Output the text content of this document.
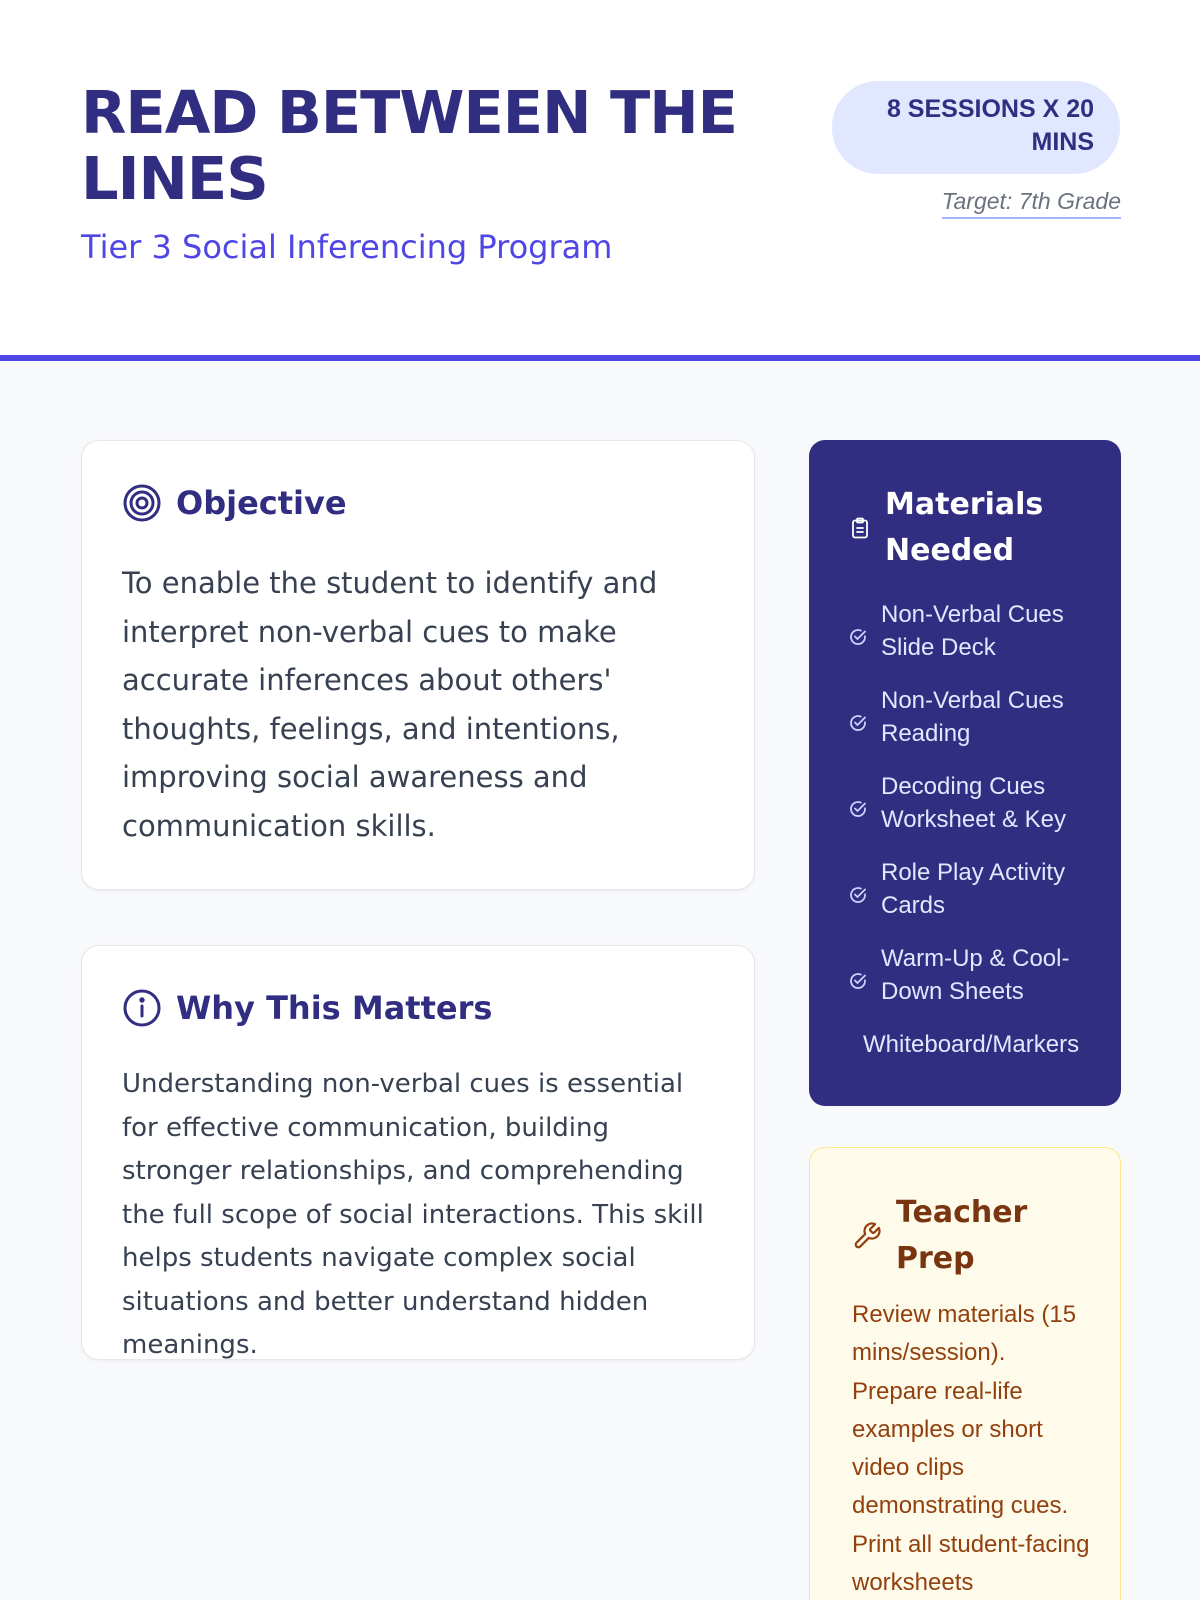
READ BETWEEN THE LINES
Tier 3 Social Inferencing Program
8 SESSIONS X 20 MINS
Target: 7th Grade
Objective

To enable the student to identify and interpret non-verbal cues to make accurate inferences about others' thoughts, feelings, and intentions, improving social awareness and communication skills.

Why This Matters

Understanding non-verbal cues is essential for effective communication, building stronger relationships, and comprehending the full scope of social interactions. This skill helps students navigate complex social situations and better understand hidden meanings.

Materials Needed
Non-Verbal Cues Slide Deck
Non-Verbal Cues Reading
Decoding Cues Worksheet & Key
Role Play Activity Cards
Warm-Up & Cool-Down Sheets
Whiteboard/Markers
Teacher Prep

Review materials (15 mins/session). Prepare real-life examples or short video clips demonstrating cues. Print all student-facing worksheets
